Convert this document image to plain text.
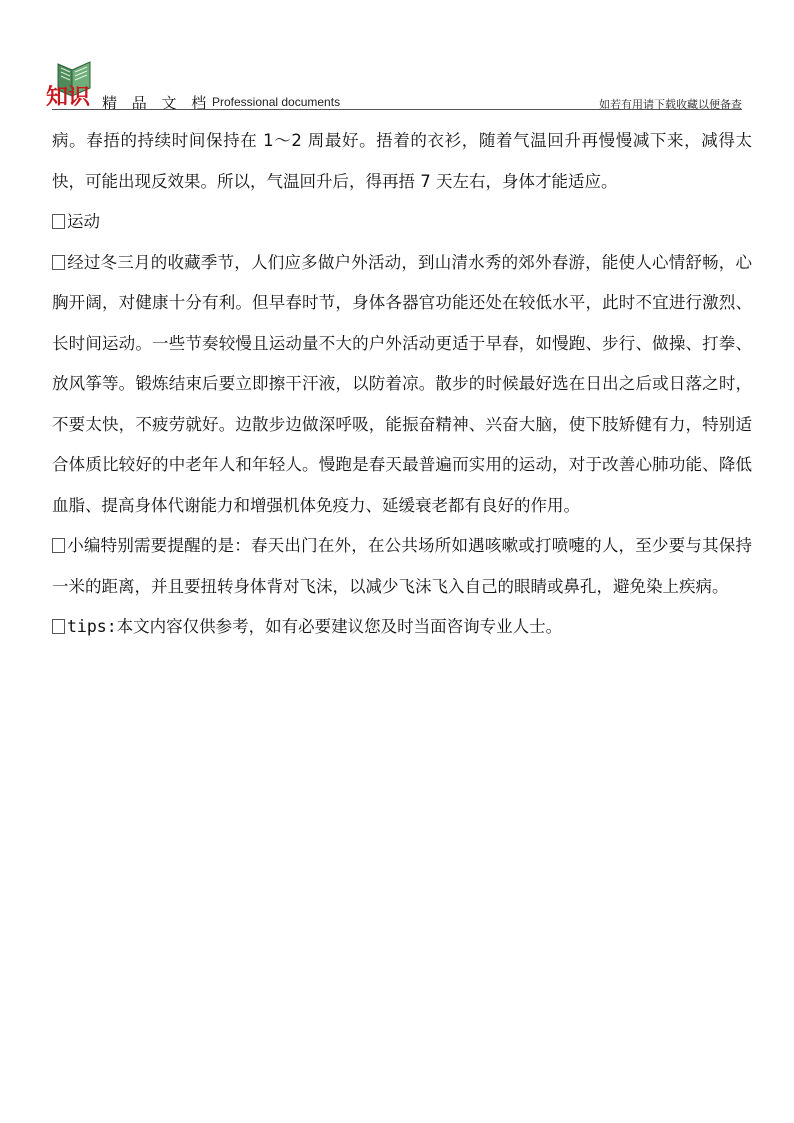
知识 精 品 文 档 Professional documents	如若有用请下载收藏以便备查

病。春捂的持续时间保持在 1～2 周最好。捂着的衣衫，随着气温回升再慢慢减下来，减得太快，可能出现反效果。所以，气温回升后，得再捂 7 天左右，身体才能适应。

运动

经过冬三月的收藏季节，人们应多做户外活动，到山清水秀的郊外春游，能使人心情舒畅，心胸开阔，对健康十分有利。但早春时节，身体各器官功能还处在较低水平，此时不宜进行激烈、长时间运动。一些节奏较慢且运动量不大的户外活动更适于早春，如慢跑、步行、做操、打拳、放风筝等。锻炼结束后要立即擦干汗液，以防着凉。散步的时候最好选在日出之后或日落之时，不要太快，不疲劳就好。边散步边做深呼吸，能振奋精神、兴奋大脑，使下肢矫健有力，特别适合体质比较好的中老年人和年轻人。慢跑是春天最普遍而实用的运动，对于改善心肺功能、降低血脂、提高身体代谢能力和增强机体免疫力、延缓衰老都有良好的作用。

小编特别需要提醒的是：春天出门在外，在公共场所如遇咳嗽或打喷嚏的人，至少要与其保持一米的距离，并且要扭转身体背对飞沫，以减少飞沫飞入自己的眼睛或鼻孔，避免染上疾病。

tips:本文内容仅供参考，如有必要建议您及时当面咨询专业人士。
